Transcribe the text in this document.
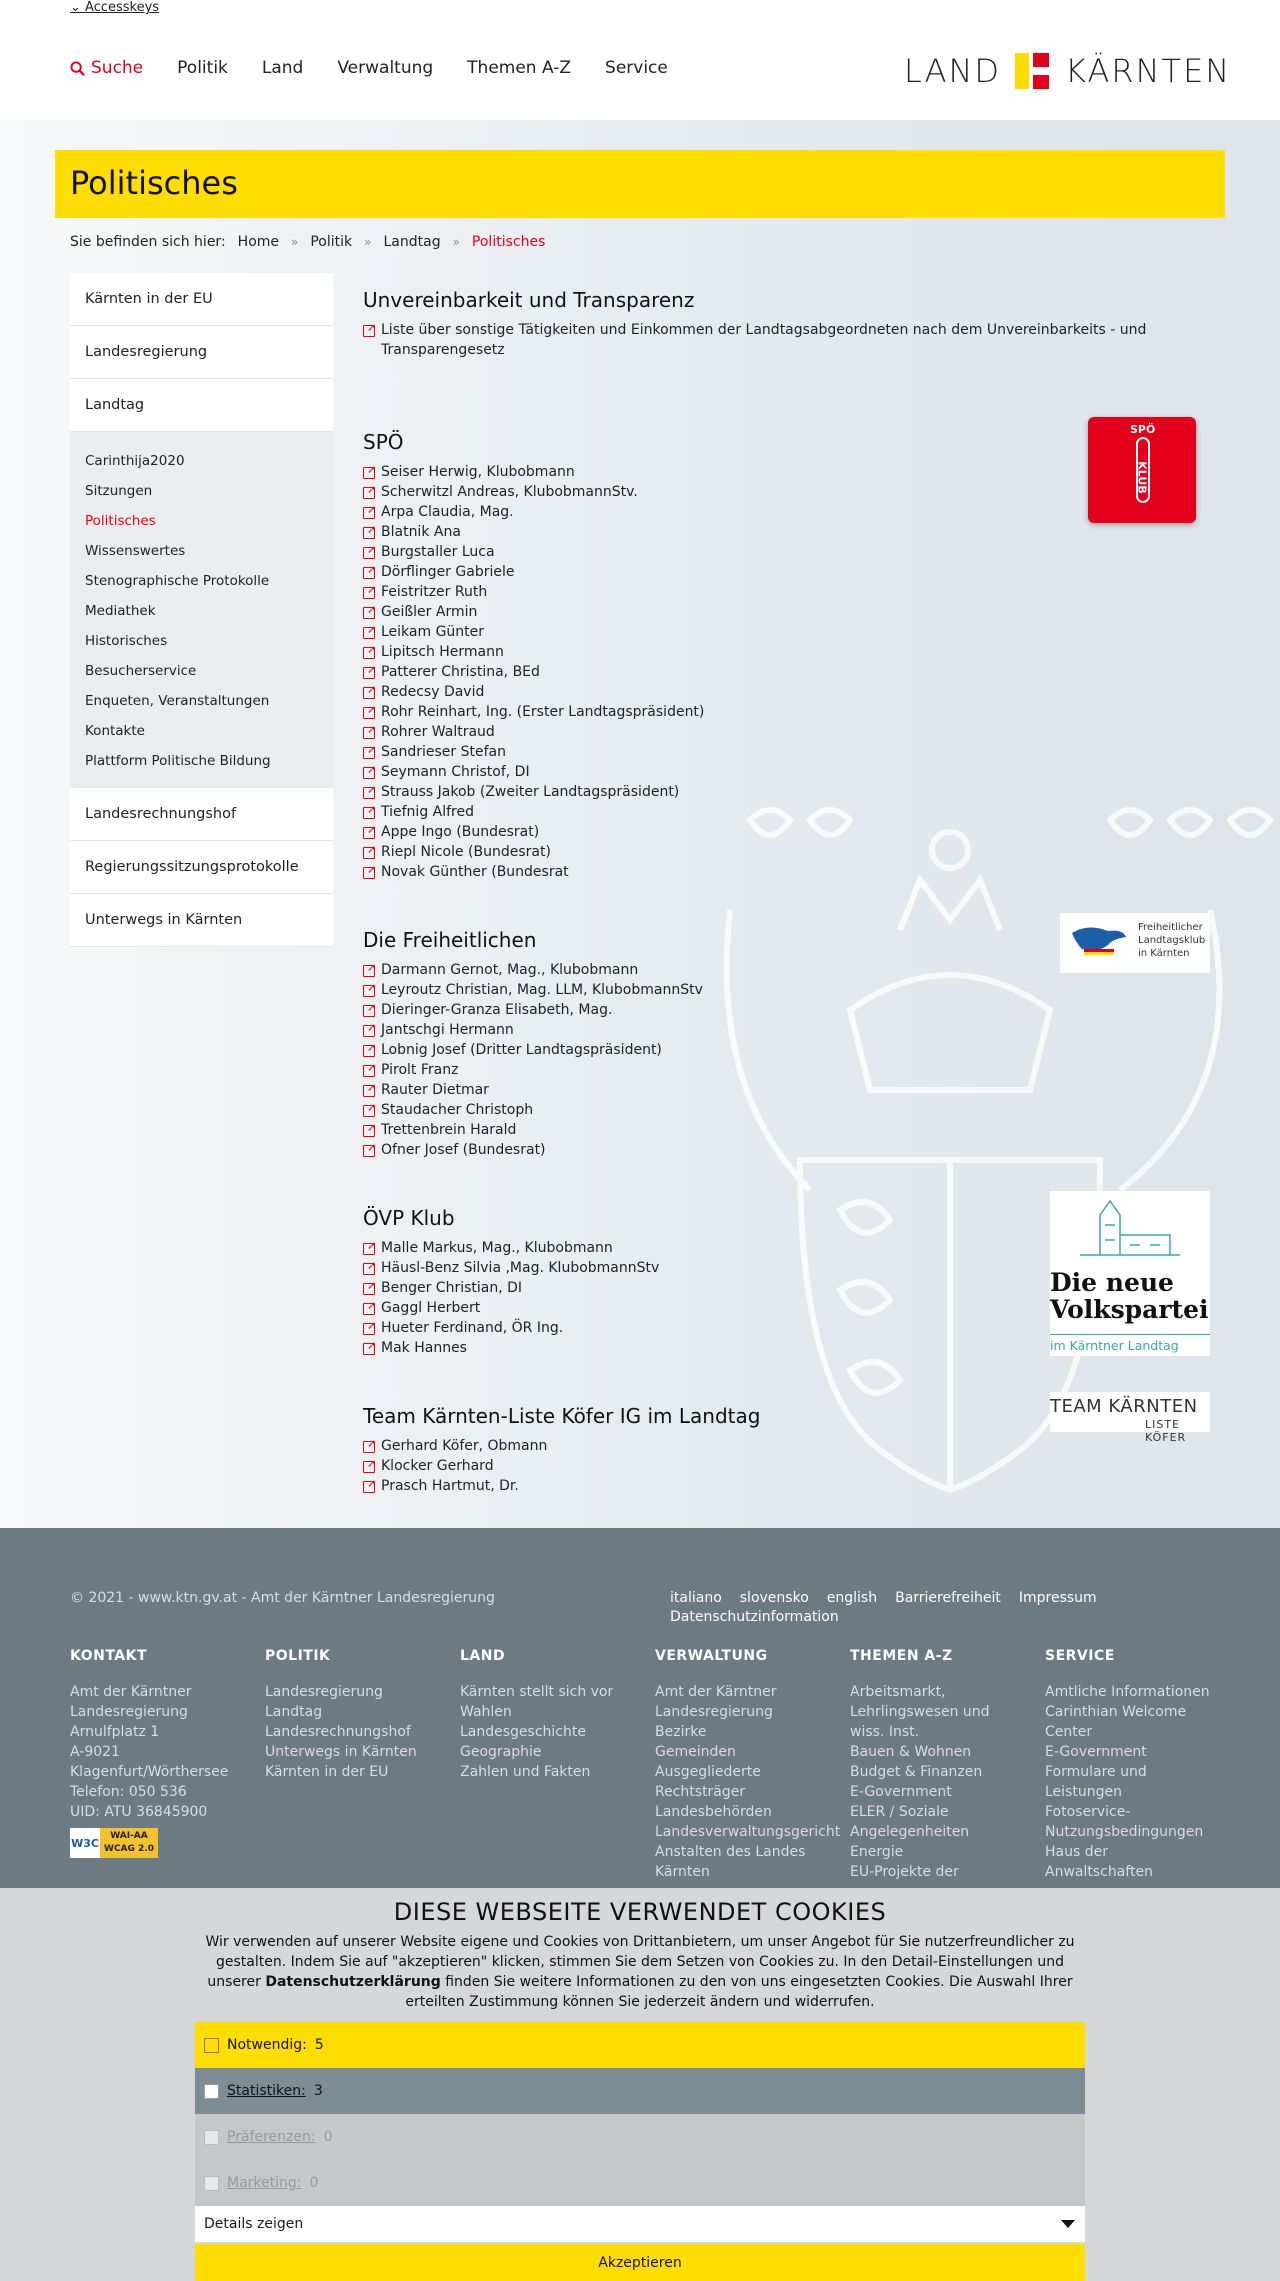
⌄ Accesskeys
Suche Politik Land Verwaltung Themen A-Z Service	LAND KÄRNTEN
Politisches
Sie befinden sich hier: Home » Politik » Landtag » Politisches
Kärnten in der EU
Landesregierung
Landtag
Carinthija2020
Sitzungen
Politisches
Wissenswertes
Stenographische Protokolle
Mediathek
Historisches
Besucherservice
Enqueten, Veranstaltungen
Kontakte
Plattform Politische Bildung
Landesrechnungshof
Regierungssitzungsprotokolle
Unterwegs in Kärnten
Unvereinbarkeit und Transparenz
➚
Liste über sonstige Tätigkeiten und Einkommen der Landtagsabgeordneten nach dem Unvereinbarkeits - und Transparengesetz
SPÖ
➚
Seiser Herwig, Klubobmann
➚
Scherwitzl Andreas, KlubobmannStv.
➚
Arpa Claudia, Mag.
➚
Blatnik Ana
➚
Burgstaller Luca
➚
Dörflinger Gabriele
➚
Feistritzer Ruth
➚
Geißler Armin
➚
Leikam Günter
➚
Lipitsch Hermann
➚
Patterer Christina, BEd
➚
Redecsy David
➚
Rohr Reinhart, Ing. (Erster Landtagspräsident)
➚
Rohrer Waltraud
➚
Sandrieser Stefan
➚
Seymann Christof, DI
➚
Strauss Jakob (Zweiter Landtagspräsident)
➚
Tiefnig Alfred
➚
Appe Ingo (Bundesrat)
➚
Riepl Nicole (Bundesrat)
➚
Novak Günther (Bundesrat
Die Freiheitlichen
➚
Darmann Gernot, Mag., Klubobmann
➚
Leyroutz Christian, Mag. LLM, KlubobmannStv
➚
Dieringer-Granza Elisabeth, Mag.
➚
Jantschgi Hermann
➚
Lobnig Josef (Dritter Landtagspräsident)
➚
Pirolt Franz
➚
Rauter Dietmar
➚
Staudacher Christoph
➚
Trettenbrein Harald
➚
Ofner Josef (Bundesrat)
ÖVP Klub
➚
Malle Markus, Mag., Klubobmann
➚
Häusl-Benz Silvia ,Mag. KlubobmannStv
➚
Benger Christian, DI
➚
Gaggl Herbert
➚
Hueter Ferdinand, ÖR Ing.
➚
Mak Hannes
Team Kärnten-Liste Köfer IG im Landtag
➚
Gerhard Köfer, Obmann
➚
Klocker Gerhard
➚
Prasch Hartmut, Dr.
SPÖ
KLUB
Freiheitlicher Landtagsklub in Kärnten
Die neue Volkspartei
im Kärntner Landtag
TEAM KÄRNTEN
LISTE KÖFER
© 2021 - www.ktn.gv.at - Amt der Kärntner Landesregierung	italiano slovensko english Barrierefreiheit Impressum
Datenschutzinformation
KONTAKT
Amt der Kärntner
Landesregierung
Arnulfplatz 1
A-9021
Klagenfurt/Wörthersee
Telefon: 050 536
UID: ATU 36845900
POLITIK
Landesregierung
Landtag
Landesrechnungshof
Unterwegs in Kärnten
Kärnten in der EU
LAND
Kärnten stellt sich vor
Wahlen
Landesgeschichte
Geographie
Zahlen und Fakten
VERWALTUNG
Amt der Kärntner
Landesregierung
Bezirke
Gemeinden
Ausgegliederte
Rechtsträger
Landesbehörden
Landesverwaltungsgericht
Anstalten des Landes
Kärnten
THEMEN A-Z
Arbeitsmarkt,
Lehrlingswesen und
wiss. Inst.
Bauen & Wohnen
Budget & Finanzen
E-Government
ELER / Soziale
Angelegenheiten
Energie
EU-Projekte der
SERVICE
Amtliche Informationen
Carinthian Welcome
Center
E-Government
Formulare und
Leistungen
Fotoservice-
Nutzungsbedingungen
Haus der
Anwaltschaften
W3C
WAI-AA WCAG 2.0
DIESE WEBSEITE VERWENDET COOKIES
Wir verwenden auf unserer Website eigene und Cookies von Drittanbietern, um unser Angebot für Sie nutzerfreundlicher zu gestalten. Indem Sie auf "akzeptieren" klicken, stimmen Sie dem Setzen von Cookies zu. In den Detail-Einstellungen und unserer Datenschutzerklärung finden Sie weitere Informationen zu den von uns eingesetzten Cookies. Die Auswahl Ihrer erteilten Zustimmung können Sie jederzeit ändern und widerrufen.
Notwendig: 5
Statistiken: 3
Präferenzen: 0
Marketing: 0
Details zeigen
Akzeptieren
